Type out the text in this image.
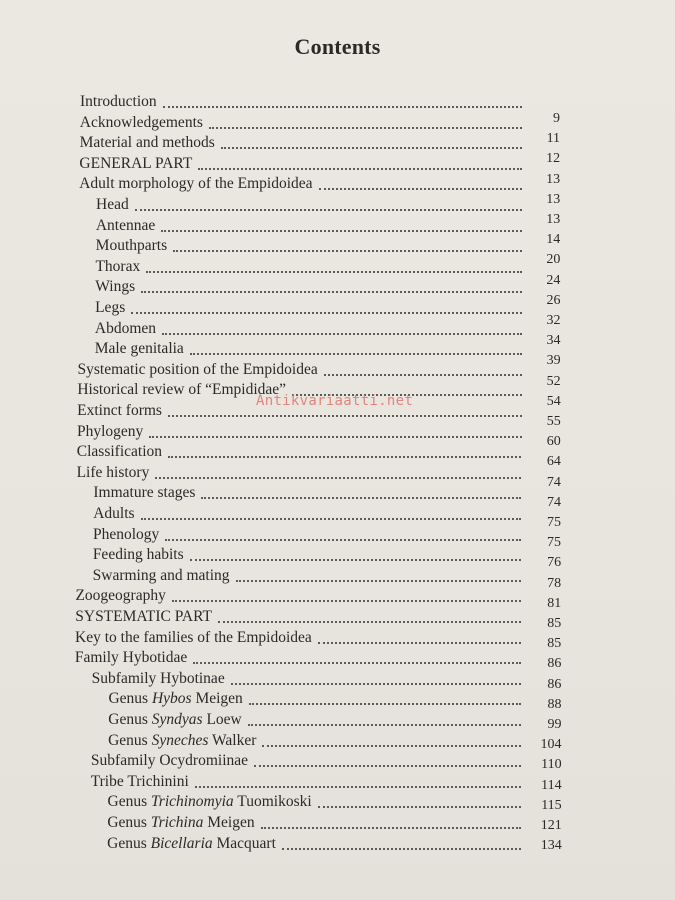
Contents
Introduction
Acknowledgements
Material and methods
GENERAL PART
Adult morphology of the Empidoidea
Head
Antennae
Mouthparts
Thorax
Wings
Legs
Abdomen
Male genitalia
Systematic position of the Empidoidea
Historical review of “Empididae”
Extinct forms
Phylogeny
Classification
Life history
Immature stages
Adults
Phenology
Feeding habits
Swarming and mating
Zoogeography
SYSTEMATIC PART
Key to the families of the Empidoidea
Family Hybotidae
Subfamily Hybotinae
Genus Hybos Meigen
Genus Syndyas Loew
Genus Syneches Walker
Subfamily Ocydromiinae
Tribe Trichinini
Genus Trichinomyia Tuomikoski
Genus Trichina Meigen
Genus Bicellaria Macquart
9
11
12
13
13
13
14
20
24
26
32
34
39
52
54
55
60
64
74
74
75
75
76
78
81
85
85
86
86
88
99
104
110
114
115
121
134
Antikvariaatti.net
